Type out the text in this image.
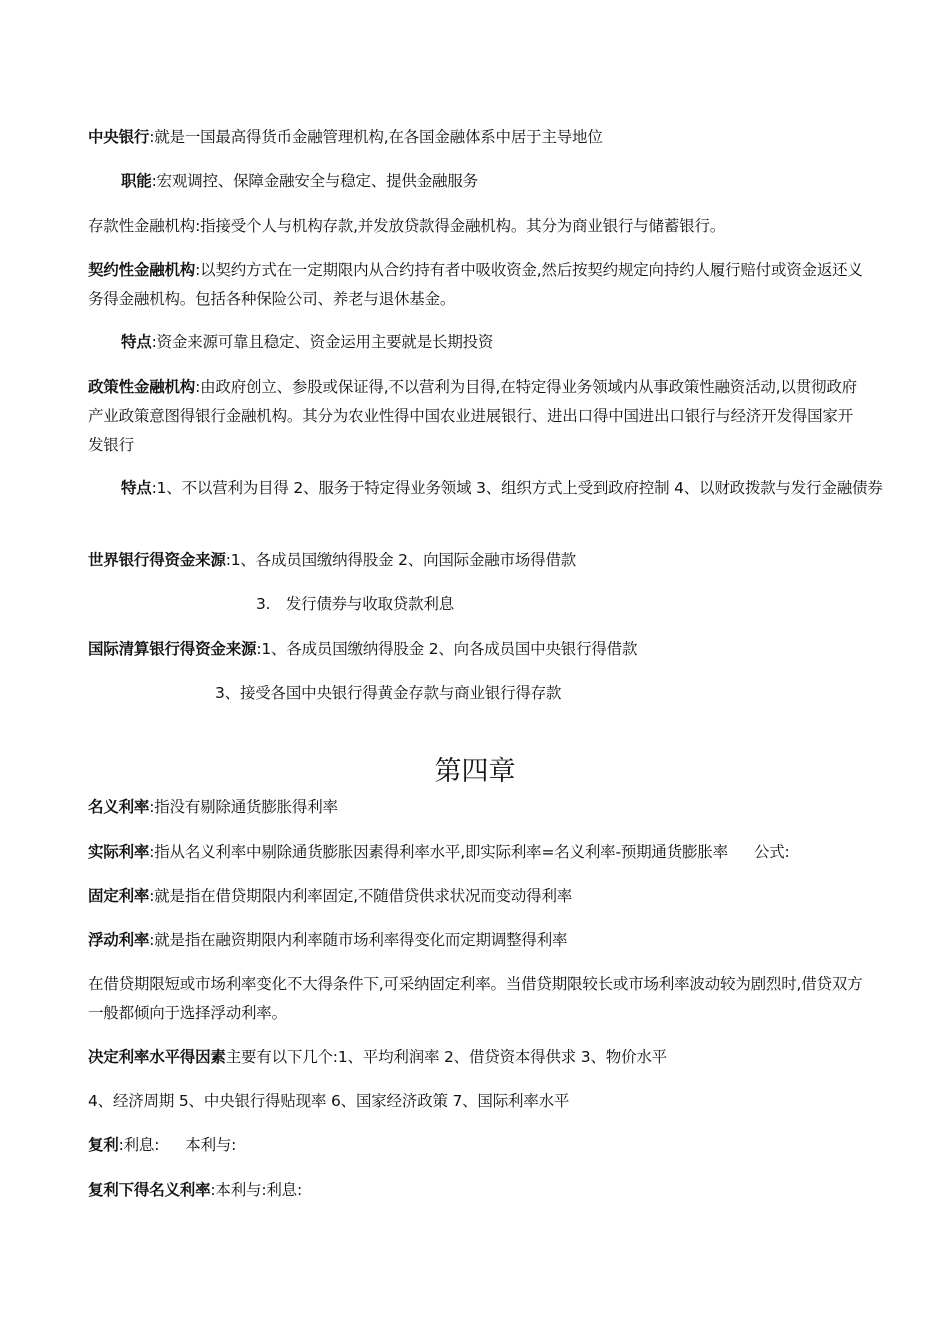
中央银行:就是一国最高得货币金融管理机构,在各国金融体系中居于主导地位

职能:宏观调控、保障金融安全与稳定、提供金融服务

存款性金融机构:指接受个人与机构存款,并发放贷款得金融机构。其分为商业银行与储蓄银行。

契约性金融机构:以契约方式在一定期限内从合约持有者中吸收资金,然后按契约规定向持约人履行赔付或资金返还义务得金融机构。包括各种保险公司、养老与退休基金。

特点:资金来源可靠且稳定、资金运用主要就是长期投资

政策性金融机构:由政府创立、参股或保证得,不以营利为目得,在特定得业务领域内从事政策性融资活动,以贯彻政府产业政策意图得银行金融机构。其分为农业性得中国农业进展银行、进出口得中国进出口银行与经济开发得国家开发银行

特点:1、不以营利为目得 2、服务于特定得业务领域 3、组织方式上受到政府控制 4、以财政拨款与发行金融债券

世界银行得资金来源:1、各成员国缴纳得股金 2、向国际金融市场得借款

3.　发行债券与收取贷款利息

国际清算银行得资金来源:1、各成员国缴纳得股金 2、向各成员国中央银行得借款

3、接受各国中央银行得黄金存款与商业银行得存款

第四章

名义利率:指没有剔除通货膨胀得利率

实际利率:指从名义利率中剔除通货膨胀因素得利率水平,即实际利率=名义利率-预期通货膨胀率 公式:

固定利率:就是指在借贷期限内利率固定,不随借贷供求状况而变动得利率

浮动利率:就是指在融资期限内利率随市场利率得变化而定期调整得利率

在借贷期限短或市场利率变化不大得条件下,可采纳固定利率。当借贷期限较长或市场利率波动较为剧烈时,借贷双方一般都倾向于选择浮动利率。

决定利率水平得因素主要有以下几个:1、平均利润率 2、借贷资本得供求 3、物价水平

4、经济周期 5、中央银行得贴现率 6、国家经济政策 7、国际利率水平

复利:利息: 本利与:

复利下得名义利率:本利与:利息:
